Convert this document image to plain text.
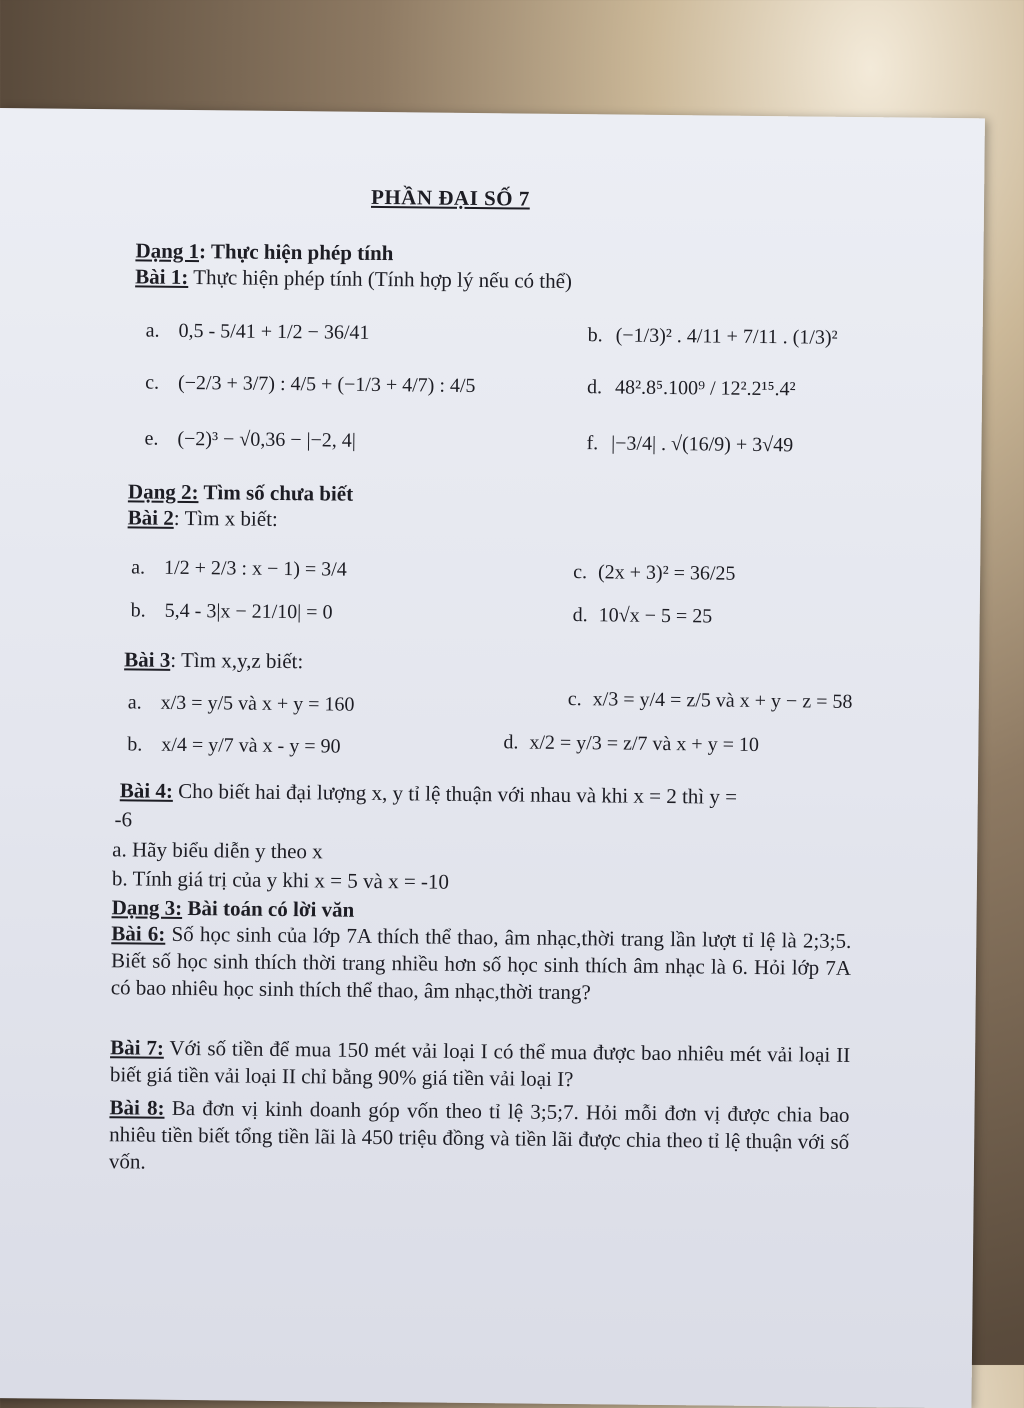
PHẦN ĐẠI SỐ 7
Dạng 1: Thực hiện phép tính
Bài 1: Thực hiện phép tính (Tính hợp lý nếu có thể)
a. 0,5 - 5/41 + 1/2 − 36/41	b. (−1/3)² . 4/11 + 7/11 . (1/3)²
c. (−2/3 + 3/7) : 4/5 + (−1/3 + 4/7) : 4/5	d. 48².8⁵.100⁹ / 12².2¹⁵.4²
e. (−2)³ − √0,36 − |−2, 4|	f. |−3/4| . √(16/9) + 3√49
Dạng 2: Tìm số chưa biết
Bài 2: Tìm x biết:
a. 1/2 + 2/3 : x − 1) = 3/4	c. (2x + 3)² = 36/25
b. 5,4 - 3|x − 21/10| = 0	d. 10√x − 5 = 25
Bài 3: Tìm x,y,z biết:
a. x/3 = y/5 và x + y = 160	c. x/3 = y/4 = z/5 và x + y − z = 58
b. x/4 = y/7 và x - y = 90	d. x/2 = y/3 = z/7 và x + y = 10
Bài 4: Cho biết hai đại lượng x, y tỉ lệ thuận với nhau và khi x = 2 thì y =
-6
a. Hãy biểu diễn y theo x
b. Tính giá trị của y khi x = 5 và x = -10
Dạng 3: Bài toán có lời văn
Bài 6: Số học sinh của lớp 7A thích thể thao, âm nhạc,thời trang lần lượt tỉ lệ là 2;3;5. Biết số học sinh thích thời trang nhiều hơn số học sinh thích âm nhạc là 6. Hỏi lớp 7A có bao nhiêu học sinh thích thể thao, âm nhạc,thời trang?
Bài 7: Với số tiền để mua 150 mét vải loại I có thể mua được bao nhiêu mét vải loại II biết giá tiền vải loại II chỉ bằng 90% giá tiền vải loại I?
Bài 8: Ba đơn vị kinh doanh góp vốn theo tỉ lệ 3;5;7. Hỏi mỗi đơn vị được chia bao nhiêu tiền biết tổng tiền lãi là 450 triệu đồng và tiền lãi được chia theo tỉ lệ thuận với số vốn.
